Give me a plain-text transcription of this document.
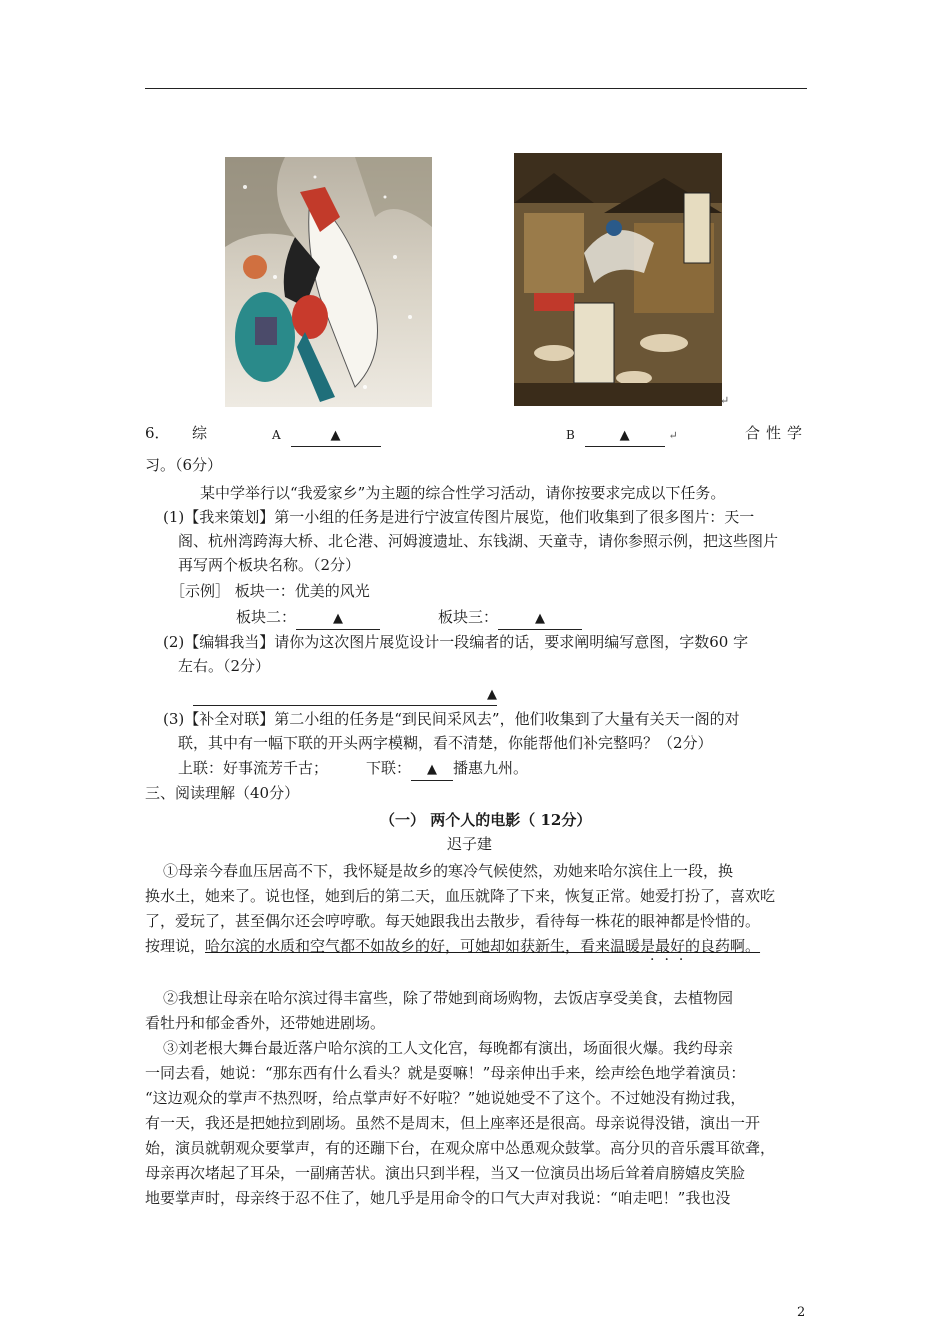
↵
6． 综	A	▲	B	▲	↵	合性学
习。（6分）
某中学举行以“我爱家乡”为主题的综合性学习活动，请你按要求完成以下任务。
(1)【我来策划】第一小组的任务是进行宁波宣传图片展览，他们收集到了很多图片：天一
阁、杭州湾跨海大桥、北仑港、河姆渡遗址、东钱湖、天童寺，请你参照示例，把这些图片
再写两个板块名称。（2分）
［示例］ 板块一：优美的风光
板块二：	▲	板块三：	▲
(2)【编辑我当】请你为这次图片展览设计一段编者的话，要求阐明编写意图，字数60 字
左右。（2分）
▲
(3)【补全对联】第二小组的任务是“到民间采风去”，他们收集到了大量有关天一阁的对
联，其中有一幅下联的开头两字模糊，看不清楚，你能帮他们补完整吗？（2分）
上联：好事流芳千古；	下联： ▲ 播惠九州。
三、阅读理解（40分）
（一） 两个人的电影（ 12分）
迟子建
①母亲今春血压居高不下，我怀疑是故乡的寒冷气候使然，劝她来哈尔滨住上一段，换
换水土，她来了。说也怪，她到后的第二天，血压就降了下来，恢复正常。她爱打扮了，喜欢吃
了，爱玩了，甚至偶尔还会哼哼歌。每天她跟我出去散步，看待每一株花的眼神都是怜惜的。
按理说，哈尔滨的水质和空气都不如故乡的好，可她却如获新生，看来温暖是最好的良药啊。
···
②我想让母亲在哈尔滨过得丰富些，除了带她到商场购物，去饭店享受美食，去植物园
看牡丹和郁金香外，还带她进剧场。
③刘老根大舞台最近落户哈尔滨的工人文化宫，每晚都有演出，场面很火爆。我约母亲
一同去看，她说：“那东西有什么看头？就是耍嘛！”母亲伸出手来，绘声绘色地学着演员：
“这边观众的掌声不热烈呀，给点掌声好不好啦？”她说她受不了这个。不过她没有拗过我，
有一天，我还是把她拉到剧场。虽然不是周末，但上座率还是很高。母亲说得没错，演出一开
始，演员就朝观众要掌声，有的还蹦下台，在观众席中怂恿观众鼓掌。高分贝的音乐震耳欲聋，
母亲再次堵起了耳朵，一副痛苦状。演出只到半程，当又一位演员出场后耸着肩膀嬉皮笑脸
地要掌声时，母亲终于忍不住了，她几乎是用命令的口气大声对我说：“咱走吧！”我也没
2
